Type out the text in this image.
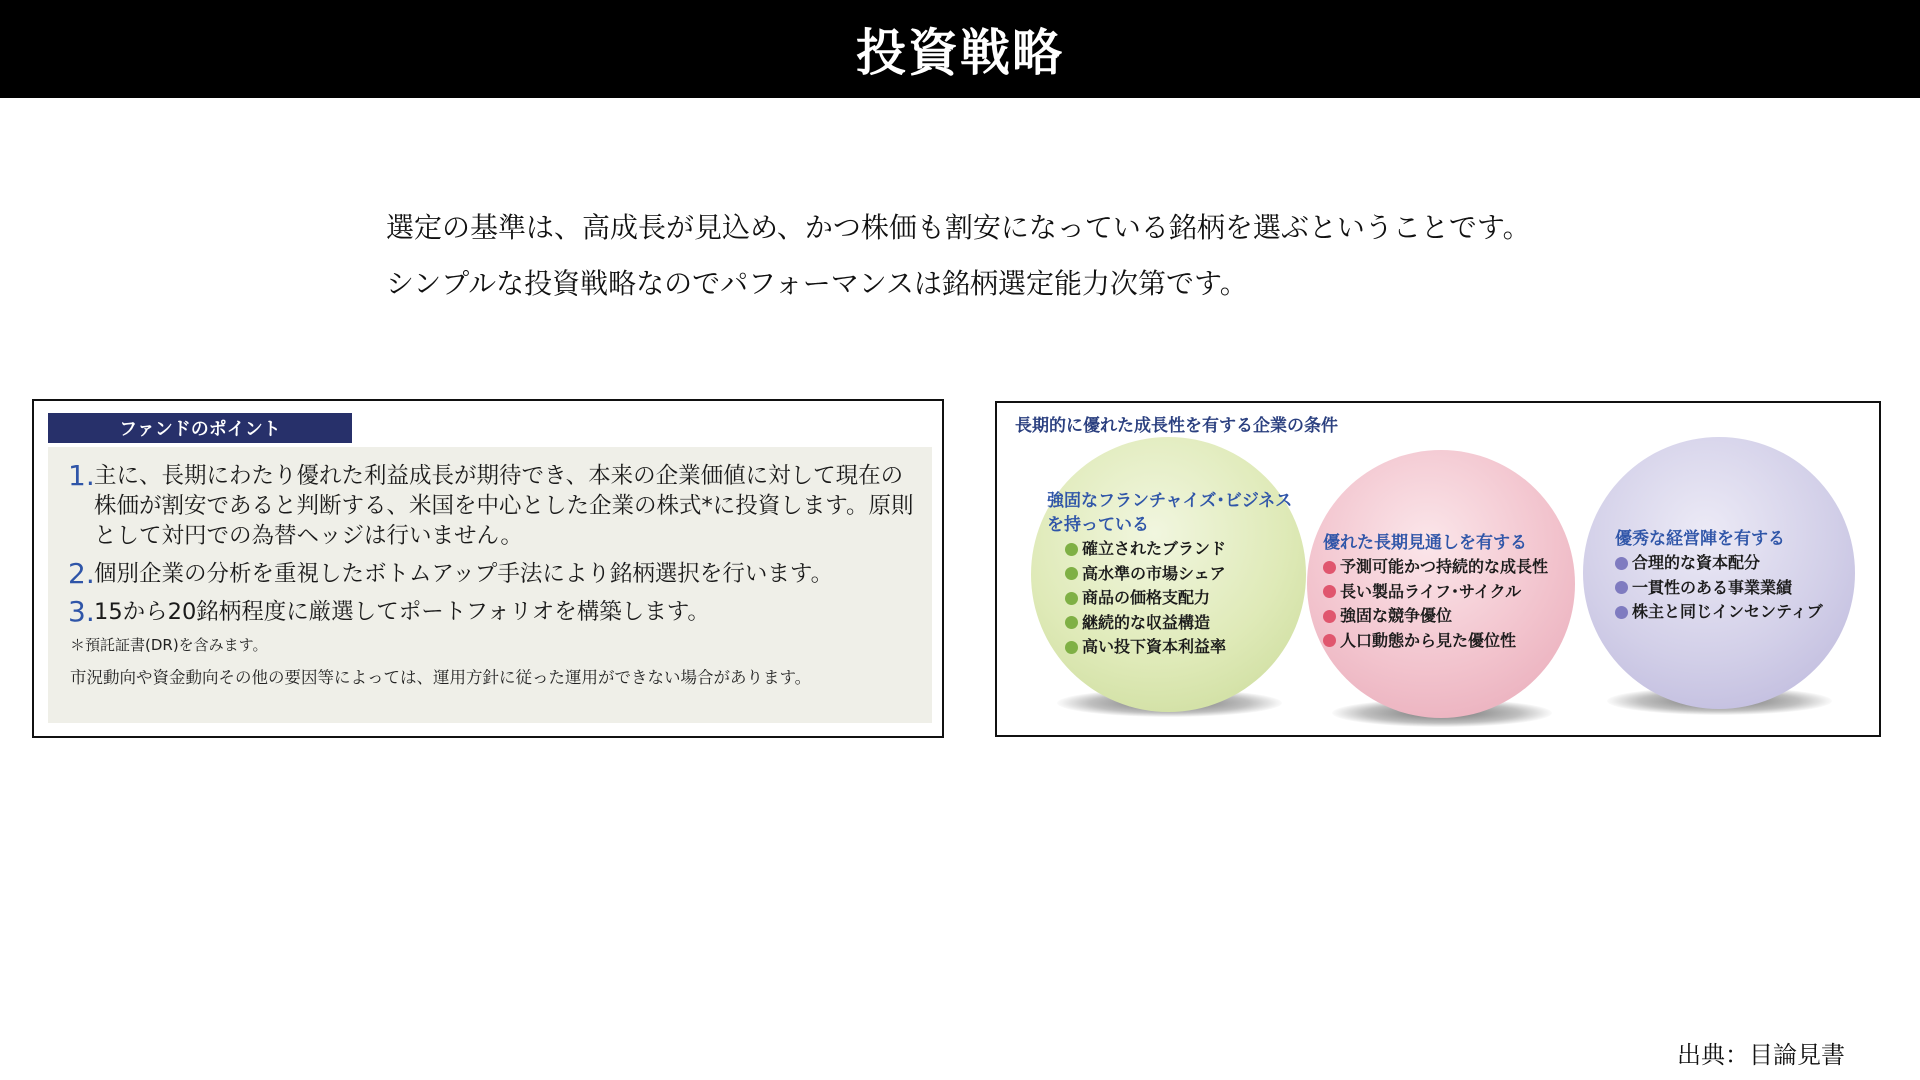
投資戦略

選定の基準は、高成長が見込め、かつ株価も割安になっている銘柄を選ぶということです。

シンプルな投資戦略なのでパフォーマンスは銘柄選定能力次第です。

ファンドのポイント
1. 主に、長期にわたり優れた利益成長が期待でき、本来の企業価値に対して現在の株価が割安であると判断する、米国を中心とした企業の株式*に投資します。原則として対円での為替ヘッジは行いません。
2. 個別企業の分析を重視したボトムアップ手法により銘柄選択を行います。
3. 15から20銘柄程度に厳選してポートフォリオを構築します。
＊預託証書(DR)を含みます。
市況動向や資金動向その他の要因等によっては、運用方針に従った運用ができない場合があります。
長期的に優れた成長性を有する企業の条件
強固なフランチャイズ･ビジネス
を持っている
確立されたブランド
高水準の市場シェア
商品の価格支配力
継続的な収益構造
高い投下資本利益率
優れた長期見通しを有する
予測可能かつ持続的な成長性
長い製品ライフ･サイクル
強固な競争優位
人口動態から見た優位性
優秀な経営陣を有する
合理的な資本配分
一貫性のある事業業績
株主と同じインセンティブ
出典：目論見書
